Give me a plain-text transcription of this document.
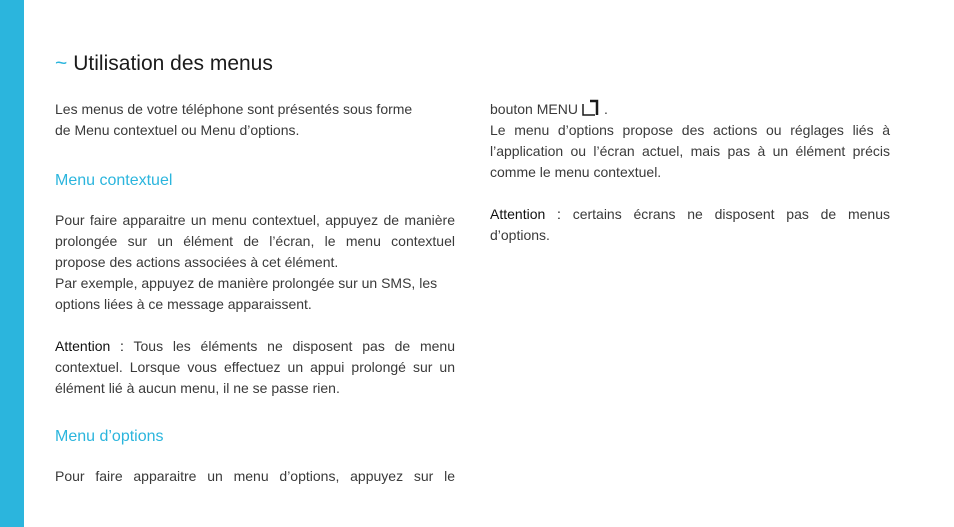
~ Utilisation des menus

Les menus de votre téléphone sont présentés sous forme
de Menu contextuel ou Menu d’options.

Menu contextuel

Pour faire apparaitre un menu contextuel, appuyez de manière prolongée sur un élément de l’écran, le menu contextuel propose des actions associées à cet élément.

Par exemple, appuyez de manière prolongée sur un SMS, les options liées à ce message apparaissent.

Attention : Tous les éléments ne disposent pas de menu contextuel. Lorsque vous effectuez un appui prolongé sur un élément lié à aucun menu, il ne se passe rien.

Menu d’options

Pour faire apparaitre un menu d’options, appuyez sur le

bouton MENU .

Le menu d’options propose des actions ou réglages liés à l’application ou l’écran actuel, mais pas à un élément précis comme le menu contextuel.

Attention : certains écrans ne disposent pas de menus d’options.
